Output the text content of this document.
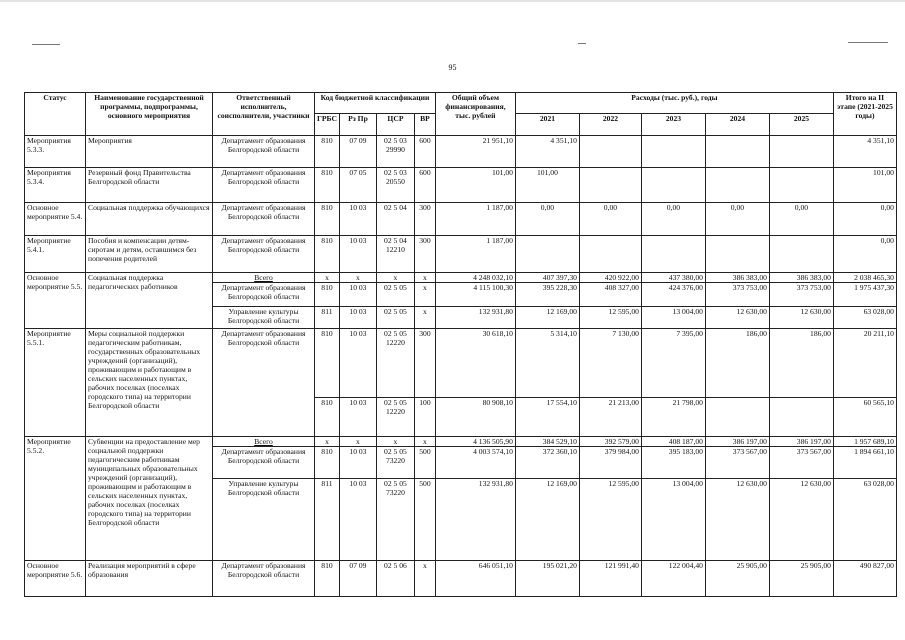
95
Статус	Наименование государственной программы, подпрограммы, основного мероприятия	Ответственный исполнитель, соисполнители, участники	Код бюджетной классификации				Общий объем финансирования, тыс. рублей	Расходы (тыс. руб.), годы					Итого на II этапе (2021-2025 годы)
			ГРБС	Рз Пр	ЦСР	ВР		2021	2022	2023	2024	2025	
Мероприятия 5.3.3.	Мероприятия	Департамент образования Белгородской области	810	07 09	02 5 03 29990	600	21 951,10	4 351,10					4 351,10
Мероприятия 5.3.4.	Резервный фонд Правительства Белгородской области	Департамент образования Белгородской области	810	07 05	02 5 03 20550	600	101,00	101,00					101,00
Основное мероприятие 5.4.	Социальная поддержка обучающихся	Департамент образования Белгородской области	810	10 03	02 5 04	300	1 187,00	0,00	0,00	0,00	0,00	0,00	0,00
Мероприятие 5.4.1.	Пособия и компенсации детям-сиротам и детям, оставшимся без попечения родителей	Департамент образования Белгородской области	810	10 03	02 5 04 12210	300	1 187,00						0,00
Основное мероприятие 5.5.	Социальная поддержка педагогических работников	Всего	x	x	x	x	4 248 032,10	407 397,30	420 922,00	437 380,00	386 383,00	386 383,00	2 038 465,30
		Департамент образования Белгородской области	810	10 03	02 5 05	x	4 115 100,30	395 228,30	408 327,00	424 376,00	373 753,00	373 753,00	1 975 437,30
		Управление культуры Белгородской области	811	10 03	02 5 05	x	132 931,80	12 169,00	12 595,00	13 004,00	12 630,00	12 630,00	63 028,00
Мероприятие 5.5.1.	Меры социальной поддержки педагогическим работникам, государственных образовательных учреждений (организаций), проживающим и работающим в сельских населенных пунктах, рабочих поселках (поселках городского типа) на территории Белгородской области	Департамент образования Белгородской области	810	10 03	02 5 05 12220	300	30 618,10	5 314,10	7 130,00	7 395,00	186,00	186,00	20 211,10
			810	10 03	02 5 05 12220	100	80 908,10	17 554,10	21 213,00	21 798,00			60 565,10
Мероприятие 5.5.2.	Субвенции на предоставление мер социальной поддержки педагогическим работникам муниципальных образовательных учреждений (организаций), проживающим и работающим в сельских населенных пунктах, рабочих поселках (поселках городского типа) на территории Белгородской области	Всего	x	x	x	x	4 136 505,90	384 529,10	392 579,00	408 187,00	386 197,00	386 197,00	1 957 689,10
		Департамент образования Белгородской области	810	10 03	02 5 05 73220	500	4 003 574,10	372 360,10	379 984,00	395 183,00	373 567,00	373 567,00	1 894 661,10
		Управление культуры Белгородской области	811	10 03	02 5 05 73220	500	132 931,80	12 169,00	12 595,00	13 004,00	12 630,00	12 630,00	63 028,00
Основное мероприятие 5.6.	Реализация мероприятий в сфере образования	Департамент образования Белгородской области	810	07 09	02 5 06	x	646 051,10	195 021,20	121 991,40	122 004,40	25 905,00	25 905,00	490 827,00
